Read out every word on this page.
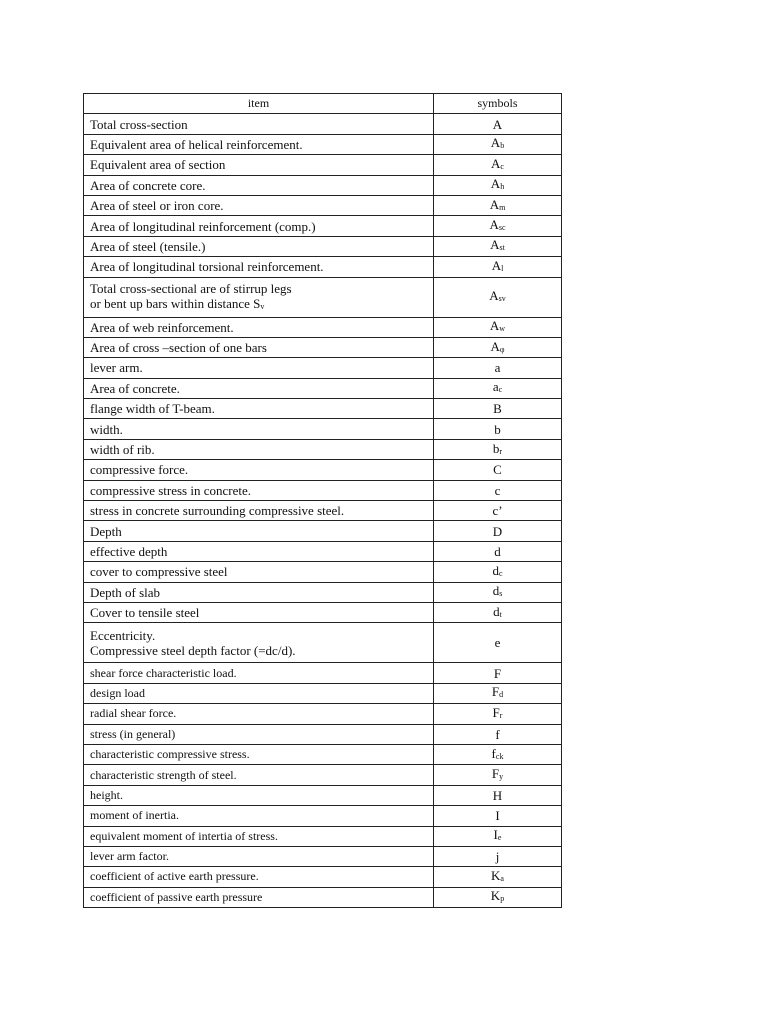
item	symbols
Total cross-section	A
Equivalent area of helical reinforcement.	Ab
Equivalent area of section	Ac
Area of concrete core.	Ah
Area of steel or iron core.	Am
Area of longitudinal reinforcement (comp.)	Asc
Area of steel (tensile.)	Ast
Area of longitudinal torsional reinforcement.	Al

Total cross-sectional are of stirrup legs
or bent up bars within distance Sv	Asv
Area of web reinforcement.	Aw
Area of cross –section of one bars	Aφ
lever arm.	a
Area of concrete.	ac
flange width of T-beam.	B
width.	b
width of rib.	br
compressive force.	C
compressive stress in concrete.	c
stress in concrete surrounding compressive steel.	c’
Depth	D
effective depth	d
cover to compressive steel	dc
Depth of slab	ds
Cover to tensile steel	dt

Eccentricity.
Compressive steel depth factor (=dc/d).	e
shear force characteristic load.	F
design load	Fd
radial shear force.	Fr
stress (in general)	f
characteristic compressive stress.	fck
characteristic strength of steel.	Fy
height.	H
moment of inertia.	I
equivalent moment of intertia of stress.	Ie
lever arm factor.	j
coefficient of active earth pressure.	Ka
coefficient of passive earth pressure	Kp
